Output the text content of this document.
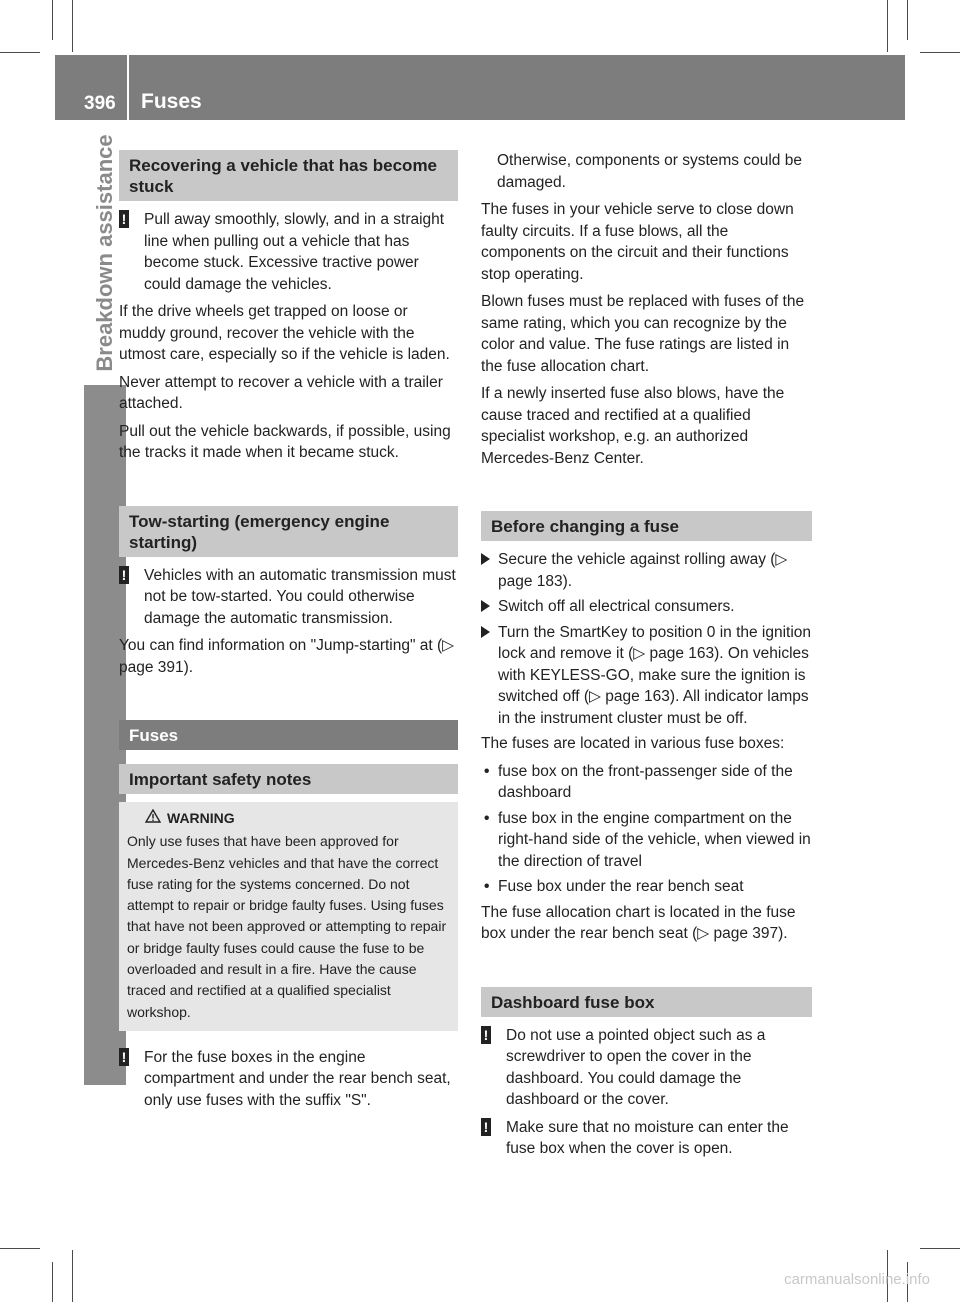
396 Fuses
Breakdown assistance Recovering a vehicle that has become stuck
! Pull away smoothly, slowly, and in a straight line when pulling out a vehicle that has become stuck. Excessive tractive power could damage the vehicles.

If the drive wheels get trapped on loose or muddy ground, recover the vehicle with the utmost care, especially so if the vehicle is laden.

Never attempt to recover a vehicle with a trailer attached.

Pull out the vehicle backwards, if possible, using the tracks it made when it became stuck.

Tow-starting (emergency engine starting)
! Vehicles with an automatic transmission must not be tow-started. You could otherwise damage the automatic transmission.

You can find information on "Jump-starting" at (▷ page 391).

Fuses
Important safety notes
WARNING
Only use fuses that have been approved for Mercedes-Benz vehicles and that have the correct fuse rating for the systems concerned. Do not attempt to repair or bridge faulty fuses. Using fuses that have not been approved or attempting to repair or bridge faulty fuses could cause the fuse to be overloaded and result in a fire. Have the cause traced and rectified at a qualified specialist workshop.
! For the fuse boxes in the engine compartment and under the rear bench seat, only use fuses with the suffix "S".

Otherwise, components or systems could be damaged.

The fuses in your vehicle serve to close down faulty circuits. If a fuse blows, all the components on the circuit and their functions stop operating.

Blown fuses must be replaced with fuses of the same rating, which you can recognize by the color and value. The fuse ratings are listed in the fuse allocation chart.

If a newly inserted fuse also blows, have the cause traced and rectified at a qualified specialist workshop, e.g. an authorized Mercedes-Benz Center.

Before changing a fuse
Secure the vehicle against rolling away (▷ page 183).
Switch off all electrical consumers.
Turn the SmartKey to position 0 in the ignition lock and remove it (▷ page 163). On vehicles with KEYLESS-GO, make sure the ignition is switched off (▷ page 163). All indicator lamps in the instrument cluster must be off.

The fuses are located in various fuse boxes:

• fuse box on the front-passenger side of the dashboard
• fuse box in the engine compartment on the right-hand side of the vehicle, when viewed in the direction of travel
• Fuse box under the rear bench seat

The fuse allocation chart is located in the fuse box under the rear bench seat (▷ page 397).

Dashboard fuse box
! Do not use a pointed object such as a screwdriver to open the cover in the dashboard. You could damage the dashboard or the cover.
! Make sure that no moisture can enter the fuse box when the cover is open.
carmanualsonline.info
